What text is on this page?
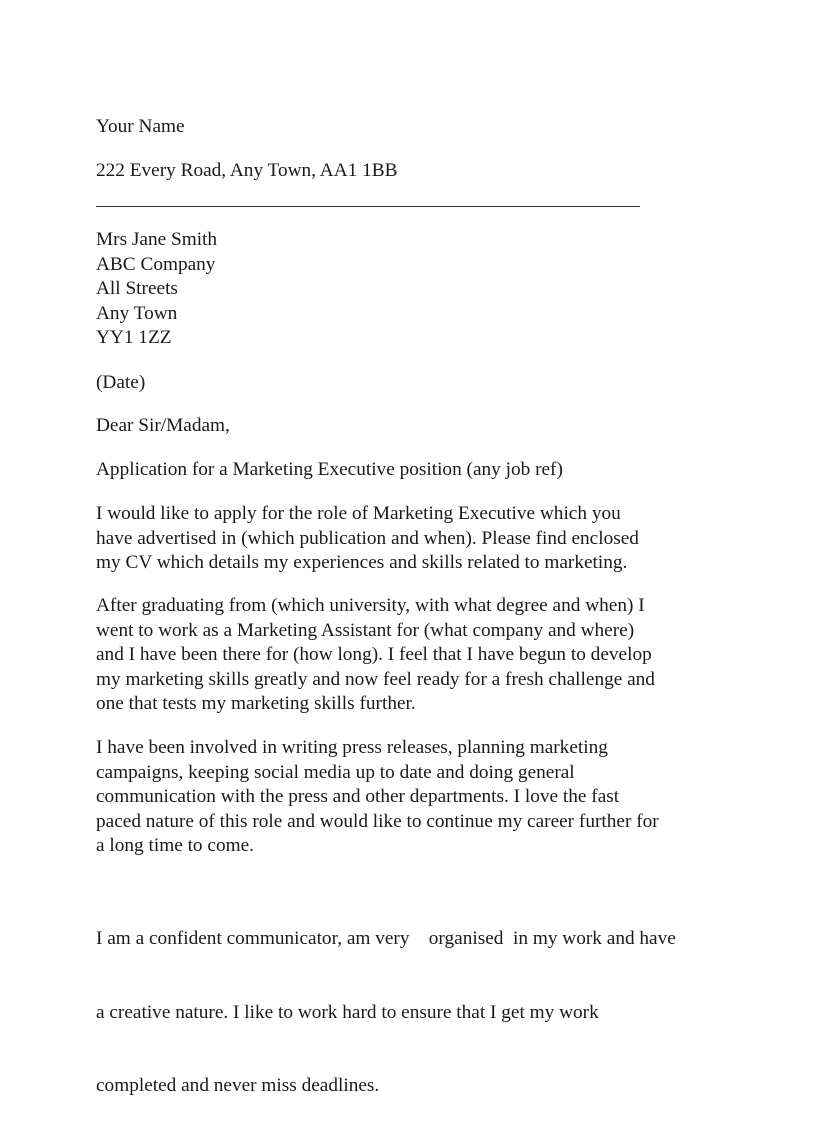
Your Name

222 Every Road, Any Town, AA1 1BB

Mrs Jane Smith
ABC Company
All Streets
Any Town
YY1 1ZZ

(Date)

Dear Sir/Madam,

Application for a Marketing Executive position (any job ref)

I would like to apply for the role of Marketing Executive which you
have advertised in (which publication and when). Please find enclosed
my CV which details my experiences and skills related to marketing.
After graduating from (which university, with what degree and when) I
went to work as a Marketing Assistant for (what company and where)
and I have been there for (how long). I feel that I have begun to develop
my marketing skills greatly and now feel ready for a fresh challenge and
one that tests my marketing skills further.
I have been involved in writing press releases, planning marketing
campaigns, keeping social media up to date and doing general
communication with the press and other departments. I love the fast
paced nature of this role and would like to continue my career further for
a long time to come.

I am a confident communicator, am very    organised  in my work and have

a creative nature. I like to work hard to ensure that I get my work

completed and never miss deadlines.
